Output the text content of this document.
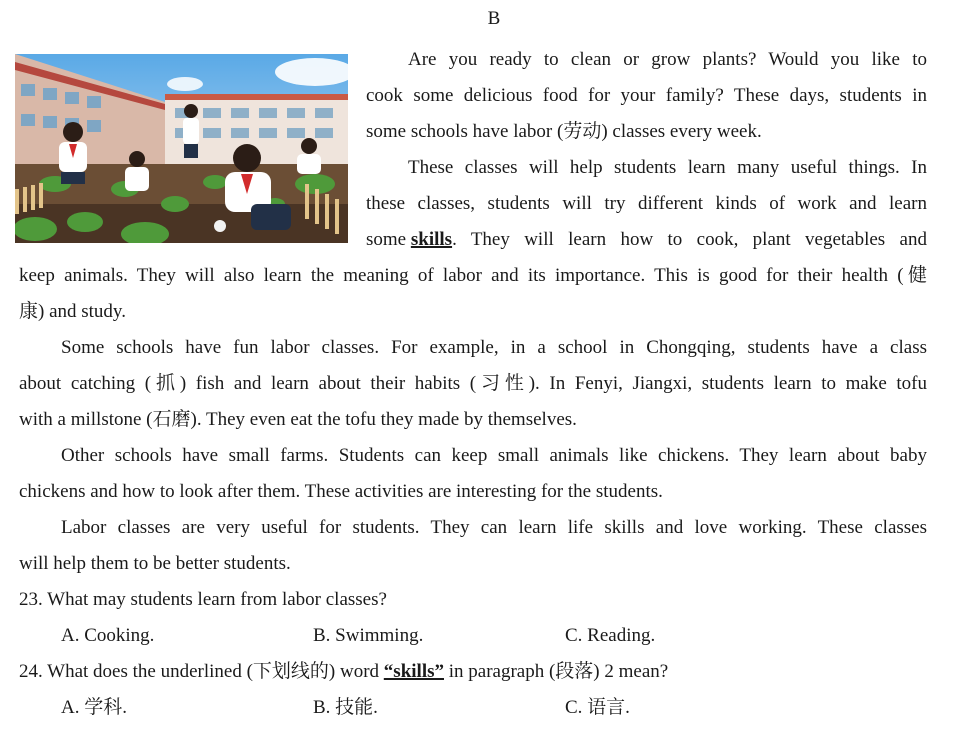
B
Are you ready to clean or grow plants? Would you like to
cook some delicious food for your family? These days, students in
some schools have labor (劳动) classes every week.
These classes will help students learn many useful things. In
these classes, students will try different kinds of work and learn
some skills . They will learn how to cook, plant vegetables and
keep animals. They will also learn the meaning of labor and its importance. This is good for their health (健
康) and study.
Some schools have fun labor classes. For example, in a school in Chongqing, students have a class
about catching (抓) fish and learn about their habits (习性). In Fenyi, Jiangxi, students learn to make tofu
with a millstone (石磨). They even eat the tofu they made by themselves.
Other schools have small farms. Students can keep small animals like chickens. They learn about baby
chickens and how to look after them. These activities are interesting for the students.
Labor classes are very useful for students. They can learn life skills and love working. These classes
will help them to be better students.
23. What may students learn from labor classes?
A. Cooking.	B. Swimming.	C. Reading.
24. What does the underlined (下划线的) word “skills” in paragraph (段落) 2 mean?
A. 学科.	B. 技能.	C. 语言.
